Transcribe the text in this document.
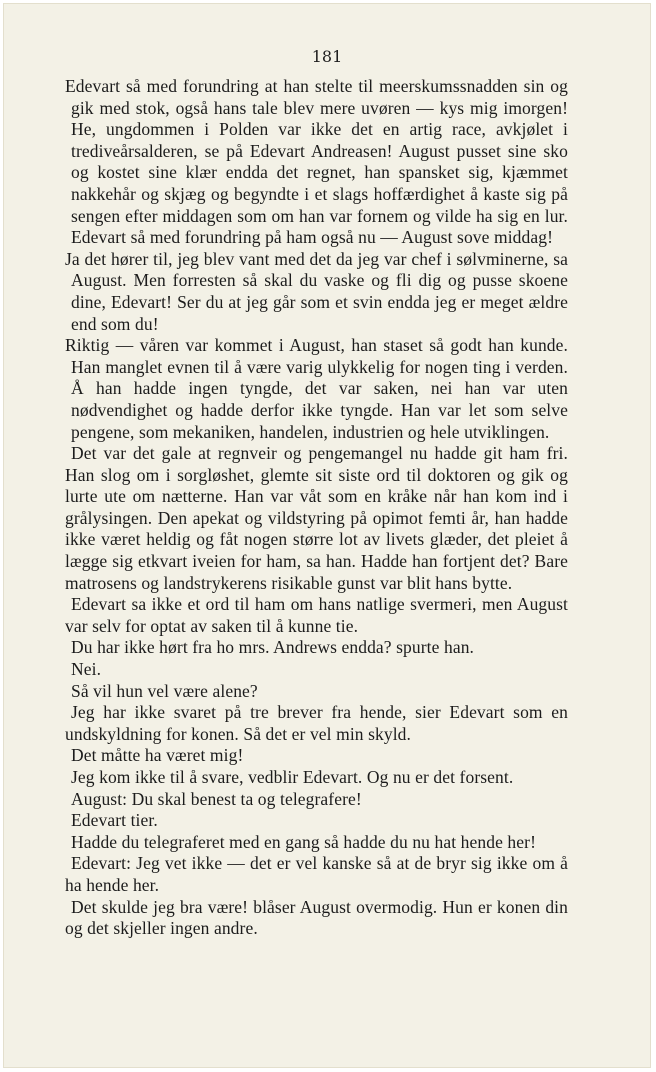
181

Edevart så med forundring at han stelte til meerskumssnadden sin og gik med stok, også hans tale blev mere uvøren — kys mig imorgen! He, ungdommen i Polden var ikke det en artig race, avkjølet i trediveårsalderen, se på Edevart Andreasen! August pusset sine sko og kostet sine klær endda det regnet, han spansket sig, kjæmmet nakkehår og skjæg og begyndte i et slags hoffærdighet å kaste sig på sengen efter middagen som om han var fornem og vilde ha sig en lur. Edevart så med forundring på ham også nu — August sove middag!

Ja det hører til, jeg blev vant med det da jeg var chef i sølvminerne, sa August. Men forresten så skal du vaske og fli dig og pusse skoene dine, Edevart! Ser du at jeg går som et svin endda jeg er meget ældre end som du!

Riktig — våren var kommet i August, han staset så godt han kunde. Han manglet evnen til å være varig ulykkelig for nogen ting i verden. Å han hadde ingen tyngde, det var saken, nei han var uten nødvendighet og hadde derfor ikke tyngde. Han var let som selve pengene, som mekaniken, handelen, industrien og hele utviklingen.

Det var det gale at regnveir og pengemangel nu hadde git ham fri. Han slog om i sorgløshet, glemte sit siste ord til doktoren og gik og lurte ute om nætterne. Han var våt som en kråke når han kom ind i grålysingen. Den apekat og vildstyring på opimot femti år, han hadde ikke været heldig og fåt nogen større lot av livets glæder, det pleiet å lægge sig etkvart iveien for ham, sa han. Hadde han fortjent det? Bare matrosens og landstrykerens risikable gunst var blit hans bytte.

Edevart sa ikke et ord til ham om hans natlige svermeri, men August var selv for optat av saken til å kunne tie.

Du har ikke hørt fra ho mrs. Andrews endda? spurte han.

Nei.

Så vil hun vel være alene?

Jeg har ikke svaret på tre brever fra hende, sier Edevart som en undskyldning for konen. Så det er vel min skyld.

Det måtte ha været mig!

Jeg kom ikke til å svare, vedblir Edevart. Og nu er det forsent.

August: Du skal benest ta og telegrafere!

Edevart tier.

Hadde du telegraferet med en gang så hadde du nu hat hende her!

Edevart: Jeg vet ikke — det er vel kanske så at de bryr sig ikke om å ha hende her.

Det skulde jeg bra være! blåser August overmodig. Hun er konen din og det skjeller ingen andre.
